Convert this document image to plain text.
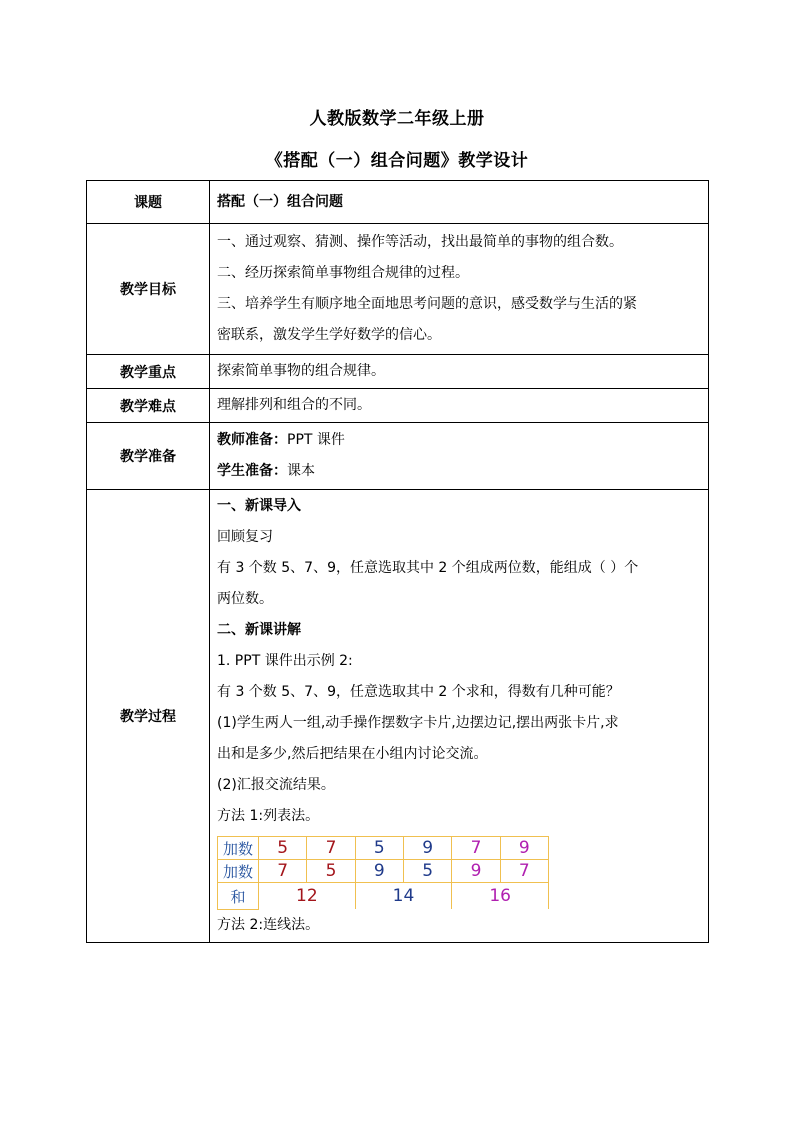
人教版数学二年级上册
《搭配（一）组合问题》教学设计
课题	搭配（一）组合问题

教学目标	
一、通过观察、猜测、操作等活动，找出最简单的事物的组合数。
二、经历探索简单事物组合规律的过程。
三、培养学生有顺序地全面地思考问题的意识，感受数学与生活的紧
密联系，激发学生学好数学的信心。

教学重点	探索简单事物的组合规律。

教学难点	理解排列和组合的不同。

教学准备	
教师准备：PPT 课件
学生准备：课本

教学过程	
一、新课导入
回顾复习
有 3 个数 5、7、9，任意选取其中 2 个组成两位数，能组成（ ）个
两位数。
二、新课讲解
1. PPT 课件出示例 2:
有 3 个数 5、7、9，任意选取其中 2 个求和，得数有几种可能？
(1)学生两人一组,动手操作摆数字卡片,边摆边记,摆出两张卡片,求
出和是多少,然后把结果在小组内讨论交流。
(2)汇报交流结果。
方法 1:列表法。
加数	5	7	5	9	7	9
加数	7	5	9	5	9	7
和	12	14	16
方法 2:连线法。
